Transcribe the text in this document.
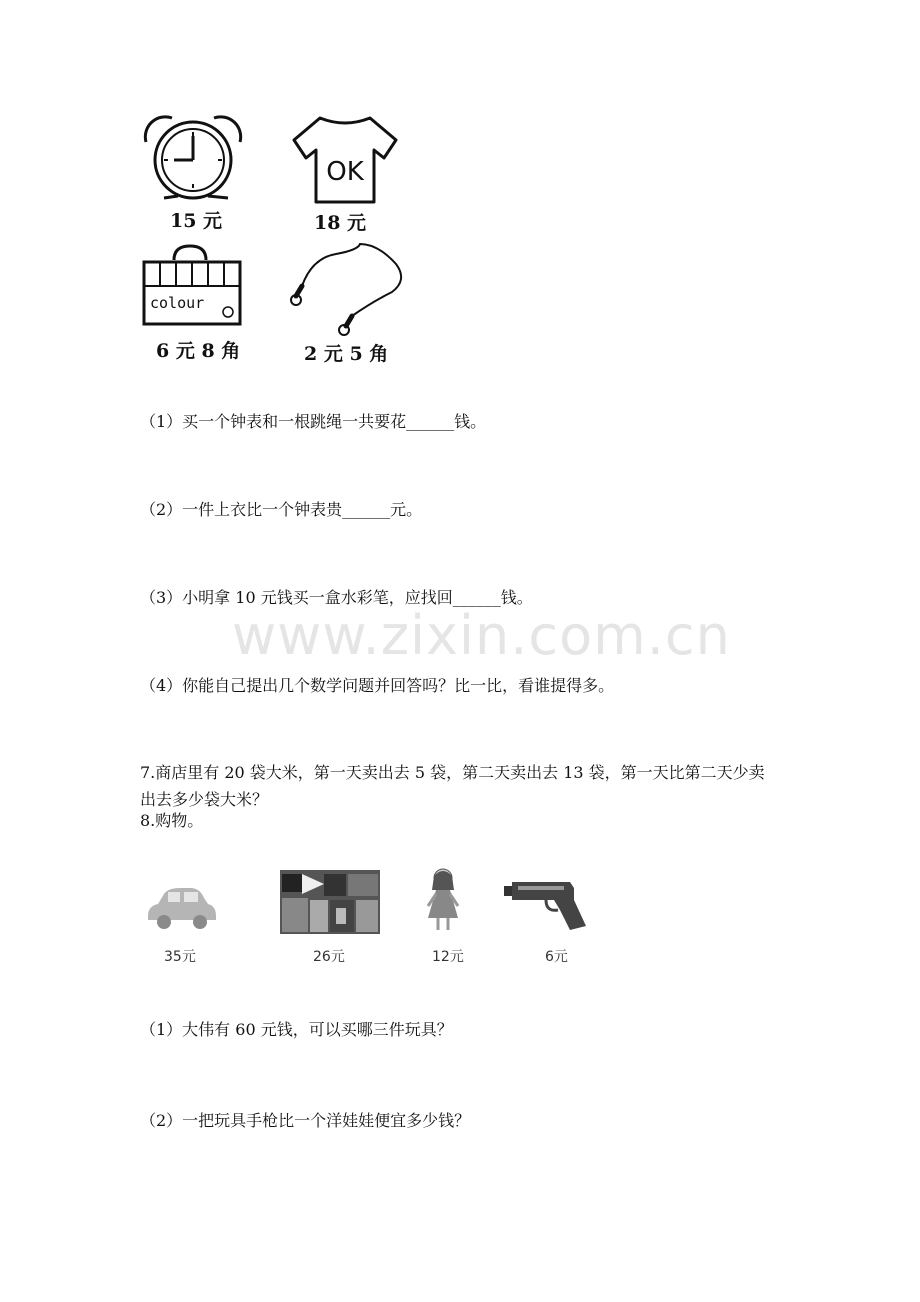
15 元
OK
18 元
colour
6 元 8 角	2 元 5 角
（1）买一个钟表和一根跳绳一共要花______钱。
（2）一件上衣比一个钟表贵______元。
（3）小明拿 10 元钱买一盒水彩笔，应找回______钱。
（4）你能自己提出几个数学问题并回答吗？比一比，看谁提得多。
www.zixin.com.cn
7.商店里有 20 袋大米，第一天卖出去 5 袋，第二天卖出去 13 袋，第一天比第二天少卖出去多少袋大米？
8.购物。
35元	26元	12元	6元
（1）大伟有 60 元钱，可以买哪三件玩具？
（2）一把玩具手枪比一个洋娃娃便宜多少钱？
